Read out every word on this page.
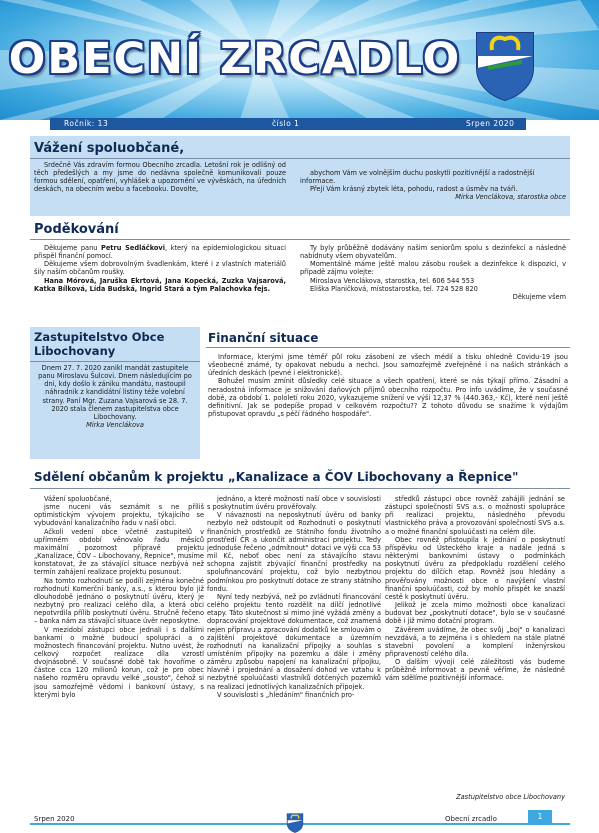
OBECNÍ ZRCADLO
Ročník: 13	číslo 1	Srpen 2020
Vážení spoluobčané,
Srdečně Vás zdravím formou Obecního zrcadla. Letošní rok je odlišný od těch předešlých a my jsme do nedávna společně komunikovali pouze formou sdělení, opatření, vyhlášek a upozornění ve vývěskách, na úředních deskách, na obecním webu a facebooku. Dovolte,

abychom Vám ve volnějším duchu poskytli pozitivnější a radostnější informace.

Přeji Vám krásný zbytek léta, pohodu, radost a úsměv na tváři.

Mirka Venclákova, starostka obce

Poděkování

Děkujeme panu Petru Sedláčkovi, který na epidemiologickou situaci přispěl finanční pomocí.

Děkujeme všem dobrovolným švadlenkám, které i z vlastních materiálů šily naším občanům roušky.

Hana Mórová, Jaruška Ekrtová, Jana Kopecká, Zuzka Vajsarová, Katka Bílková, Lída Budská, Ingrid Stará a tým Palachovka fejs.

Ty byly průběžně dodávány našim seniorům spolu s dezinfekcí a následně nabídnuty všem obyvatelům.

Momentálně máme ještě malou zásobu roušek a dezinfekce k dispozici, v případě zájmu volejte:

Miroslava Venclákova, starostka, tel. 606 544 553

Eliška Planičková, místostarostka, tel. 724 528 820

Děkujeme všem

Zastupitelstvo Obce
Libochovany

Dnem 27. 7. 2020 zanikl mandát zastupitele panu Miroslavu Šulcovi. Dnem následujícím po dni, kdy došlo k zániku mandátu, nastoupil náhradník z kandidátní listiny téže volební strany. Paní Mgr. Zuzana Vajsarová se 28. 7. 2020 stala členem zastupitelstva obce Libochovany.

Mirka Venclákova

Finanční situace

Informace, kterými jsme téměř půl roku zásobeni ze všech médií a tisku ohledně Covidu-19 jsou všeobecně známé, ty opakovat nebudu a nechci. Jsou samozřejmě zveřejněné i na našich stránkách a úředních deskách (pevné i elektronické).

Bohužel musím zmínit důsledky celé situace a všech opatření, které se nás týkají přímo. Zásadní a neradostná informace je snižování daňových příjmů obecního rozpočtu. Pro info uvádíme, že v současné době, za období 1. pololetí roku 2020, vykazujeme snížení ve výši 12,37 % (440.363,- Kč), které není ještě definitivní. Jak se podepíše propad v celkovém rozpočtu?? Z tohoto důvodu se snažíme k výdajům přistupovat opravdu „s péčí řádného hospodáře".

Sdělení občanům k projektu „Kanalizace a ČOV Libochovany a Řepnice"

Vážení spoluobčané,

jsme nuceni vás seznámit s ne příliš optimistickým vývojem projektu, týkajícího se vybudování kanalizačního řadu v naší obci.

Ačkoli vedení obce včetně zastupitelů v upřímném období věnovalo řadu měsíců maximální pozornost přípravě projektu „Kanalizace, ČOV – Libochovany, Řepnice", musíme konstatovat, že za stávající situace nezbývá než termín zahájení realizace projektu posunout.

Na tomto rozhodnutí se podílí zejména konečné rozhodnutí Komerční banky, a.s., s kterou bylo již dlouhodobě jednáno o poskytnutí úvěru, který je nezbytný pro realizaci celého díla, a která obci nepotvrdila přílib poskytnutí úvěru. Stručně řečeno – banka nám za stávající situace úvěr neposkytne.

V mezidobí zástupci obce jednali i s dalšími bankami o možné budoucí spolupráci a o možnostech financování projektu. Nutno uvést, že celkový rozpočet realizace díla vzrostl dvojnásobně. V současné době tak hovoříme o částce cca 120 milionů korun, což je pro obec našeho rozměru opravdu velké „sousto", čehož si jsou samozřejmě vědomi i bankovní ústavy, s kterými bylo

jednáno, a které možnosti naší obce v souvislosti s poskytnutím úvěru prověřovaly.

V návaznosti na neposkytnutí úvěru od banky nezbylo než odstoupit od Rozhodnutí o poskytnutí finančních prostředků ze Státního fondu životního prostředí ČR a ukončit administraci projektu. Tedy jednoduše řečeno „odmítnout" dotaci ve výši cca 53 mil Kč, neboť obec není za stávajícího stavu schopna zajistit zbývající finanční prostředky na spolufinancování projektu, což bylo nezbytnou podmínkou pro poskytnutí dotace ze strany státního fondu.

Nyní tedy nezbývá, než po zvládnutí financování celého projektu tento rozdělit na dílčí jednotlivé etapy. Táto skutečnost si mimo jiné vyžádá změny a dopracování projektové dokumentace, což znamená nejen přípravu a zpracování dodatků ke smlouvám o zajištění projektové dokumentace a územním rozhodnutí na kanalizační přípojky a souhlas s umístěním přípojky na pozemku a dále i změny záměru způsobu napojení na kanalizační přípojku, hlavně i projednání a dosažení dohod ve vztahu k nezbytné spoluúčasti vlastníků dotčených pozemků na realizaci jednotlivých kanalizačních přípojek.

V souvislosti s „hledáním" finančních pro-

středků zástupci obce rovněž zahájili jednání se zástupci společnosti SVS a.s. o možnosti spolupráce při realizaci projektu, následného převodu vlastnického práva a provozování společností SVS a.s. a o možné finanční spoluúčasti na celém díle.

Obec rovněž přistoupila k jednání o poskytnutí příspěvku od Ústeckého kraje a nadále jedná s některými bankovními ústavy o podmínkách poskytnutí úvěru za předpokladu rozdělení celého projektu do dílčích etap. Rovněž jsou hledány a prověřovány možnosti obce o navýšení vlastní finanční spoluúčasti, což by mohlo přispět ke snazší cestě k poskytnutí úvěru.

Jelikož je zcela mimo možnosti obce kanalizaci budovat bez „poskytnutí dotace", bylo se v současné době i již mimo dotační program.

Závěrem uvádíme, že obec svůj „boj" o kanalizaci nevzdává, a to zejména i s ohledem na stále platné stavební povolení a komplení inženýrskou připraveností celého díla.

O dalším vývoji celé záležitosti vás budeme průběžně informovat a pevně věříme, že následně vám sdělíme pozitivnější informace.

Zastupitelstvo obce Libochovany
Srpen 2020	Obecní zrcadlo	1
